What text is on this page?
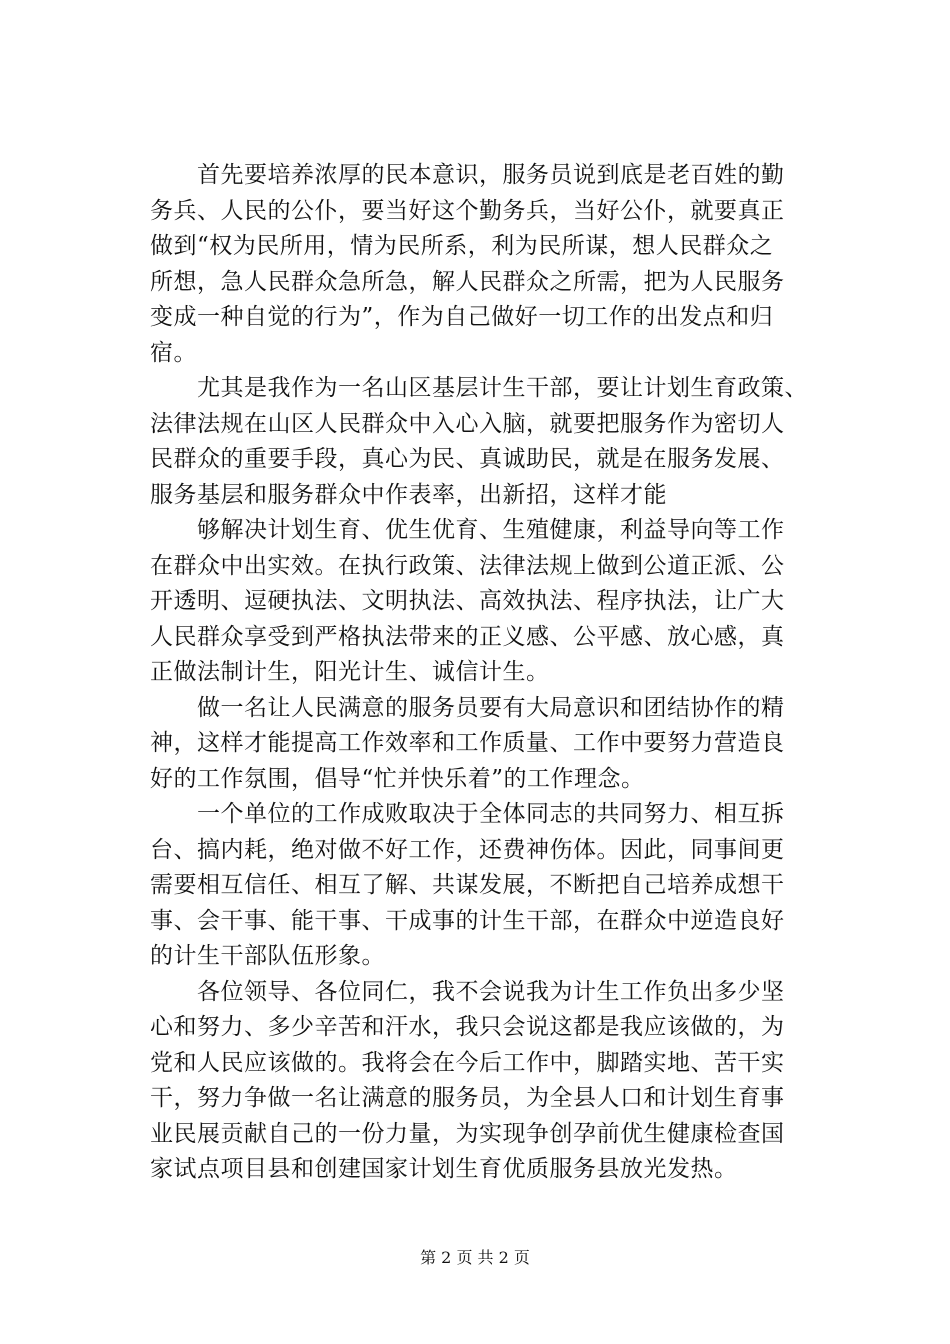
　　首先要培养浓厚的民本意识，服务员说到底是老百姓的勤
务兵、人民的公仆，要当好这个勤务兵，当好公仆，就要真正
做到“权为民所用，情为民所系，利为民所谋，想人民群众之
所想，急人民群众急所急，解人民群众之所需，把为人民服务
变成一种自觉的行为”，作为自己做好一切工作的出发点和归
宿。
　　尤其是我作为一名山区基层计生干部，要让计划生育政策、
法律法规在山区人民群众中入心入脑，就要把服务作为密切人
民群众的重要手段，真心为民、真诚助民，就是在服务发展、
服务基层和服务群众中作表率，出新招，这样才能
　　够解决计划生育、优生优育、生殖健康，利益导向等工作
在群众中出实效。在执行政策、法律法规上做到公道正派、公
开透明、逗硬执法、文明执法、高效执法、程序执法，让广大
人民群众享受到严格执法带来的正义感、公平感、放心感，真
正做法制计生，阳光计生、诚信计生。
　　做一名让人民满意的服务员要有大局意识和团结协作的精
神，这样才能提高工作效率和工作质量、工作中要努力营造良
好的工作氛围，倡导“忙并快乐着”的工作理念。
　　一个单位的工作成败取决于全体同志的共同努力、相互拆
台、搞内耗，绝对做不好工作，还费神伤体。因此，同事间更
需要相互信任、相互了解、共谋发展，不断把自己培养成想干
事、会干事、能干事、干成事的计生干部，在群众中逆造良好
的计生干部队伍形象。
　　各位领导、各位同仁，我不会说我为计生工作负出多少坚
心和努力、多少辛苦和汗水，我只会说这都是我应该做的，为
党和人民应该做的。我将会在今后工作中，脚踏实地、苦干实
干，努力争做一名让满意的服务员，为全县人口和计划生育事
业民展贡献自己的一份力量，为实现争创孕前优生健康检查国
家试点项目县和创建国家计划生育优质服务县放光发热。
第 2 页 共 2 页
